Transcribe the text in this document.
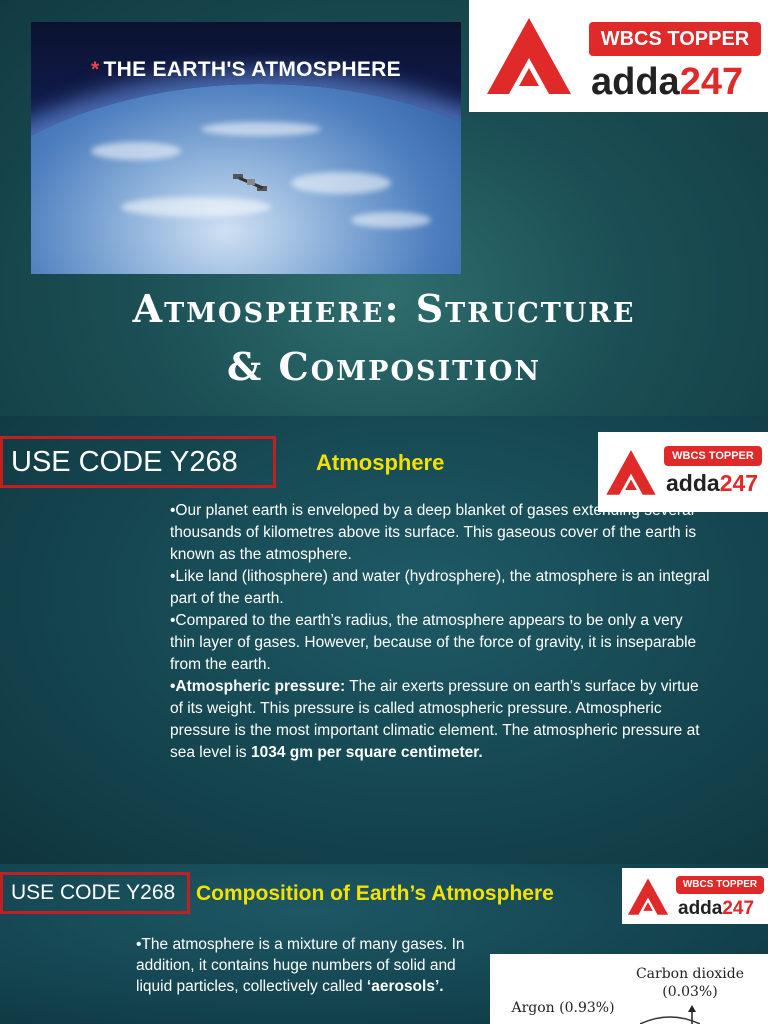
* THE EARTH'S ATMOSPHERE
WBCS TOPPER
adda247
Atmosphere: Structure
& Composition
USE CODE Y268	Atmosphere	WBCS TOPPER
adda247

•Our planet earth is enveloped by a deep blanket of gases extending several thousands of kilometres above its surface. This gaseous cover of the earth is known as the atmosphere.

•Like land (lithosphere) and water (hydrosphere), the atmosphere is an integral part of the earth.

•Compared to the earth’s radius, the atmosphere appears to be only a very thin layer of gases. However, because of the force of gravity, it is inseparable from the earth.

•Atmospheric pressure: The air exerts pressure on earth’s surface by virtue of its weight. This pressure is called atmospheric pressure. Atmospheric pressure is the most important climatic element. The atmospheric pressure at sea level is 1034 gm per square centimeter.

USE CODE Y268 Composition of Earth’s Atmosphere	WBCS TOPPER
adda247

•The atmosphere is a mixture of many gases. In addition, it contains huge numbers of solid and liquid particles, collectively called ‘aerosols’.

Carbon dioxide
(0.03%)
Argon (0.93%)
